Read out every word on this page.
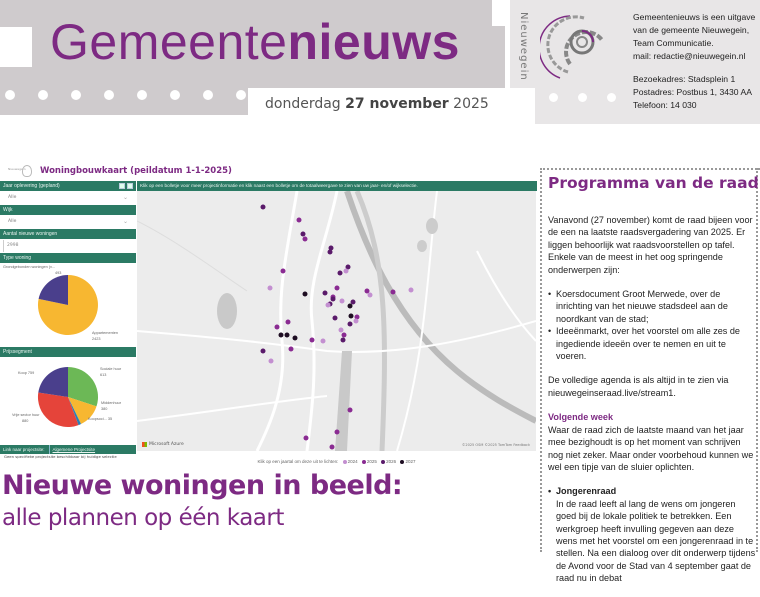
Gemeentenieuws
donderdag 27 november 2025
Nieuwegein	Gemeentenieuws is een uitgave
van de gemeente Nieuwegein,
Team Communicatie.
mail: redactie@nieuwegein.nl
Bezoekadres: Stadsplein 1
Postadres: Postbus 1, 3430 AA
Telefoon: 14 030
Nieuwegein Woningbouwkaart (peildatum 1-1-2025)
Jaar oplevering (gepland)
Alle	⌄
Wijk
Alle	⌄
Aantal nieuwe woningen
2998
Type woning
Grondgebonden woningen (v...
493
Appartementen
2423
Prijssegment
Koop 759
Sociale huur
613
Middenhuur
380
Koopsoci... 35
Vrije sector huur
880
Link naar projectsite:	Algemene Projectsite
Geen specifieke projectsite beschikbaar bij huidige selectie
Klik op een bolletje voor meer projectinformatie en klik naast een bolletje om de totaalweergave te zien van uw jaar- en/of wijkselectie.
Microsoft Azure	©2025 OSM ©2025 TomTom Feedback
Klik op een jaartal om deze uit te lichten: 2024 2025 2026 2027
Nieuwe woningen in beeld:
alle plannen op één kaart
Programma van de raad

Vanavond (27 november) komt de raad bijeen voor de een na laatste raadsvergadering van 2025. Er liggen behoorlijk wat raadsvoorstellen op tafel. Enkele van de meest in het oog springende onderwerpen zijn:

• Koersdocument Groot Merwede, over de inrichting van het nieuwe stadsdeel aan de noordkant van de stad;
• Ideeënmarkt, over het voorstel om alle zes de ingediende ideeën over te nemen en uit te voeren.

De volledige agenda is als altijd in te zien via nieuwegeinseraad.live/stream1.

Volgende week

Waar de raad zich de laatste maand van het jaar mee bezighoudt is op het moment van schrijven nog niet zeker. Maar onder voorbehoud kunnen we wel een tipje van de sluier oplichten.

• Jongerenraad
In de raad leeft al lang de wens om jongeren goed bij de lokale politiek te betrekken. Een werkgroep heeft invulling gegeven aan deze wens met het voorstel om een jongerenraad in te stellen. Na een dialoog over dit onderwerp tijdens de Avond voor de Stad van 4 september gaat de raad nu in debat
